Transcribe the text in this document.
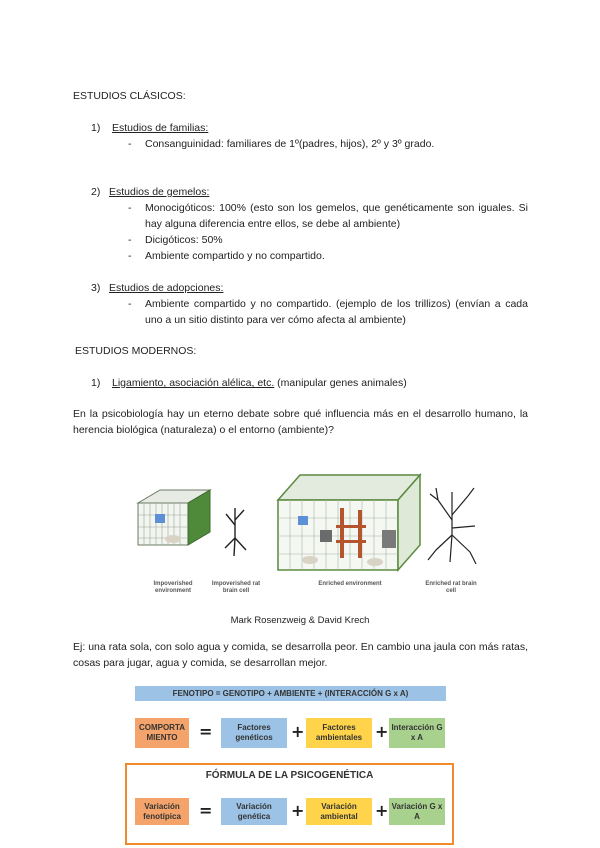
ESTUDIOS CLÁSICOS:
1) Estudios de familias:
- Consanguinidad: familiares de 1º(padres, hijos), 2º y 3º grado.
2) Estudios de gemelos:
- Monocigóticos: 100% (esto son los gemelos, que genéticamente son iguales. Si hay alguna diferencia entre ellos, se debe al ambiente)
- Dicigóticos: 50%
- Ambiente compartido y no compartido.
3) Estudios de adopciones:
- Ambiente compartido y no compartido. (ejemplo de los trillizos) (envían a cada uno a un sitio distinto para ver cómo afecta al ambiente)
ESTUDIOS MODERNOS:
1) Ligamiento, asociación alélica, etc. (manipular genes animales)
En la psicobiología hay un eterno debate sobre qué influencia más en el desarrollo humano, la herencia biológica (naturaleza) o el entorno (ambiente)?
Impoverished environment
Impoverished rat brain cell
Enriched environment	Enriched rat brain cell
Mark Rosenzweig & David Krech
Ej: una rata sola, con solo agua y comida, se desarrolla peor. En cambio una jaula con más ratas, cosas para jugar, agua y comida, se desarrollan mejor.
FENOTIPO = GENOTIPO + AMBIENTE + (INTERACCIÓN G x A)
COMPORTA MIENTO	=	Factores genéticos	+	Factores ambientales + Interacción G x A
FÓRMULA DE LA PSICOGENÉTICA
Variación fenotípica	=	Variación genética	+	Variación ambiental	+ Variación G x A
